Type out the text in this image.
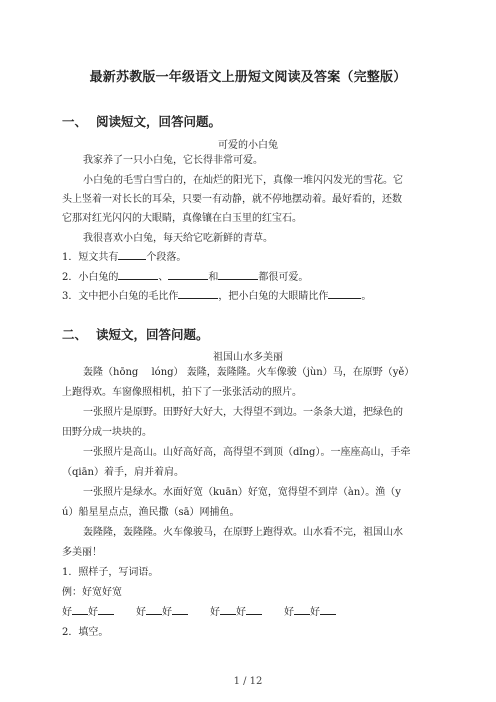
最新苏教版一年级语文上册短文阅读及答案（完整版）
一、 阅读短文，回答问题。
可爱的小白兔
我家养了一只小白兔，它长得非常可爱。
小白兔的毛雪白雪白的，在灿烂的阳光下，真像一堆闪闪发光的雪花。它
头上竖着一对长长的耳朵，只要一有动静，就不停地摆动着。最好看的，还数
它那对红光闪闪的大眼睛，真像镶在白玉里的红宝石。
我很喜欢小白兔，每天给它吃新鲜的青草。
1．短文共有	个段落。
2．小白兔的	、	和	都很可爱。
3．文中把小白兔的毛比作	，把小白兔的大眼睛比作	。
二、 读短文，回答问题。
祖国山水多美丽
轰隆（hōng　 lóng） 轰隆，轰隆隆。火车像骏（jùn）马，在原野（yě）
上跑得欢。车窗像照相机，拍下了一张张活动的照片。
一张照片是原野。田野好大好大，大得望不到边。一条条大道，把绿色的
田野分成一块块的。
一张照片是高山。山好高好高，高得望不到顶（dǐng）。一座座高山，手牵
（qiān）着手，肩并着肩。
一张照片是绿水。水面好宽（kuān）好宽，宽得望不到岸（àn）。渔（y
ú）船星星点点，渔民撒（sā）网捕鱼。
轰隆隆，轰隆隆。火车像骏马，在原野上跑得欢。山水看不完，祖国山水
多美丽！
1．照样子，写词语。
例：好宽好宽
好 好	好 好	好 好	好 好
2．填空。
1 / 12
